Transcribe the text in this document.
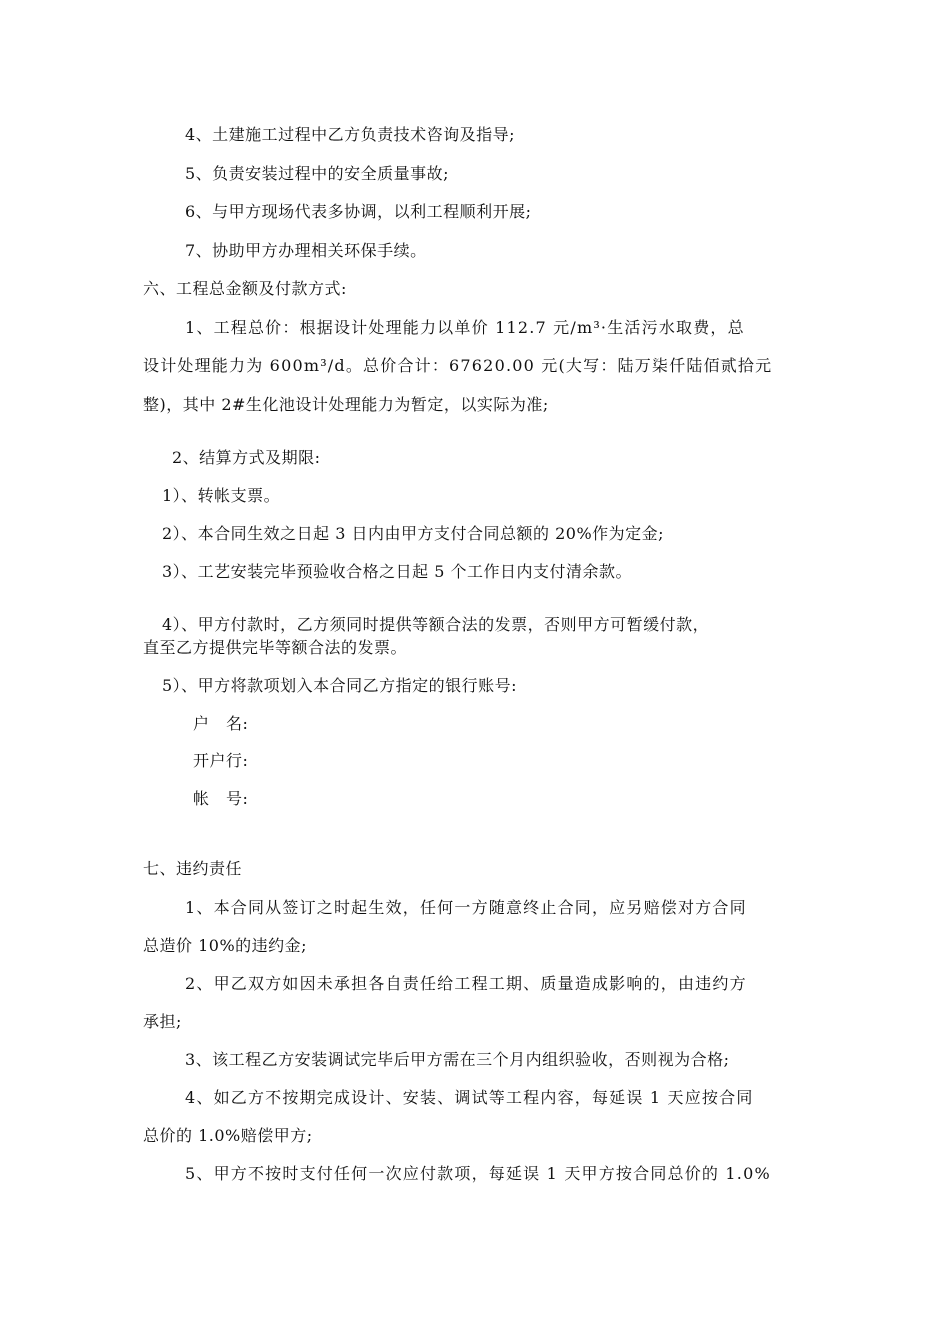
4、土建施工过程中乙方负责技术咨询及指导;
5、负责安装过程中的安全质量事故;
6、与甲方现场代表多协调，以利工程顺利开展;
7、协助甲方办理相关环保手续。
六、工程总金额及付款方式:
1、工程总价：根据设计处理能力以单价 112.7 元/m³·生活污水取费，总
设计处理能力为 600m³/d。总价合计：67620.00 元(大写：陆万柒仟陆佰贰拾元
整)，其中 2#生化池设计处理能力为暂定，以实际为准;
2、结算方式及期限:
1）、转帐支票。
2）、本合同生效之日起 3 日内由甲方支付合同总额的 20%作为定金;
3）、工艺安装完毕预验收合格之日起 5 个工作日内支付清余款。
4）、甲方付款时，乙方须同时提供等额合法的发票，否则甲方可暂缓付款，
直至乙方提供完毕等额合法的发票。
5）、甲方将款项划入本合同乙方指定的银行账号:
户　名:
开户行:
帐　号:
七、违约责任
1、本合同从签订之时起生效，任何一方随意终止合同，应另赔偿对方合同
总造价 10%的违约金;
2、甲乙双方如因未承担各自责任给工程工期、质量造成影响的，由违约方
承担;
3、该工程乙方安装调试完毕后甲方需在三个月内组织验收，否则视为合格;
4、如乙方不按期完成设计、安装、调试等工程内容，每延误 1 天应按合同
总价的 1.0%赔偿甲方;
5、甲方不按时支付任何一次应付款项，每延误 1 天甲方按合同总价的 1.0%
